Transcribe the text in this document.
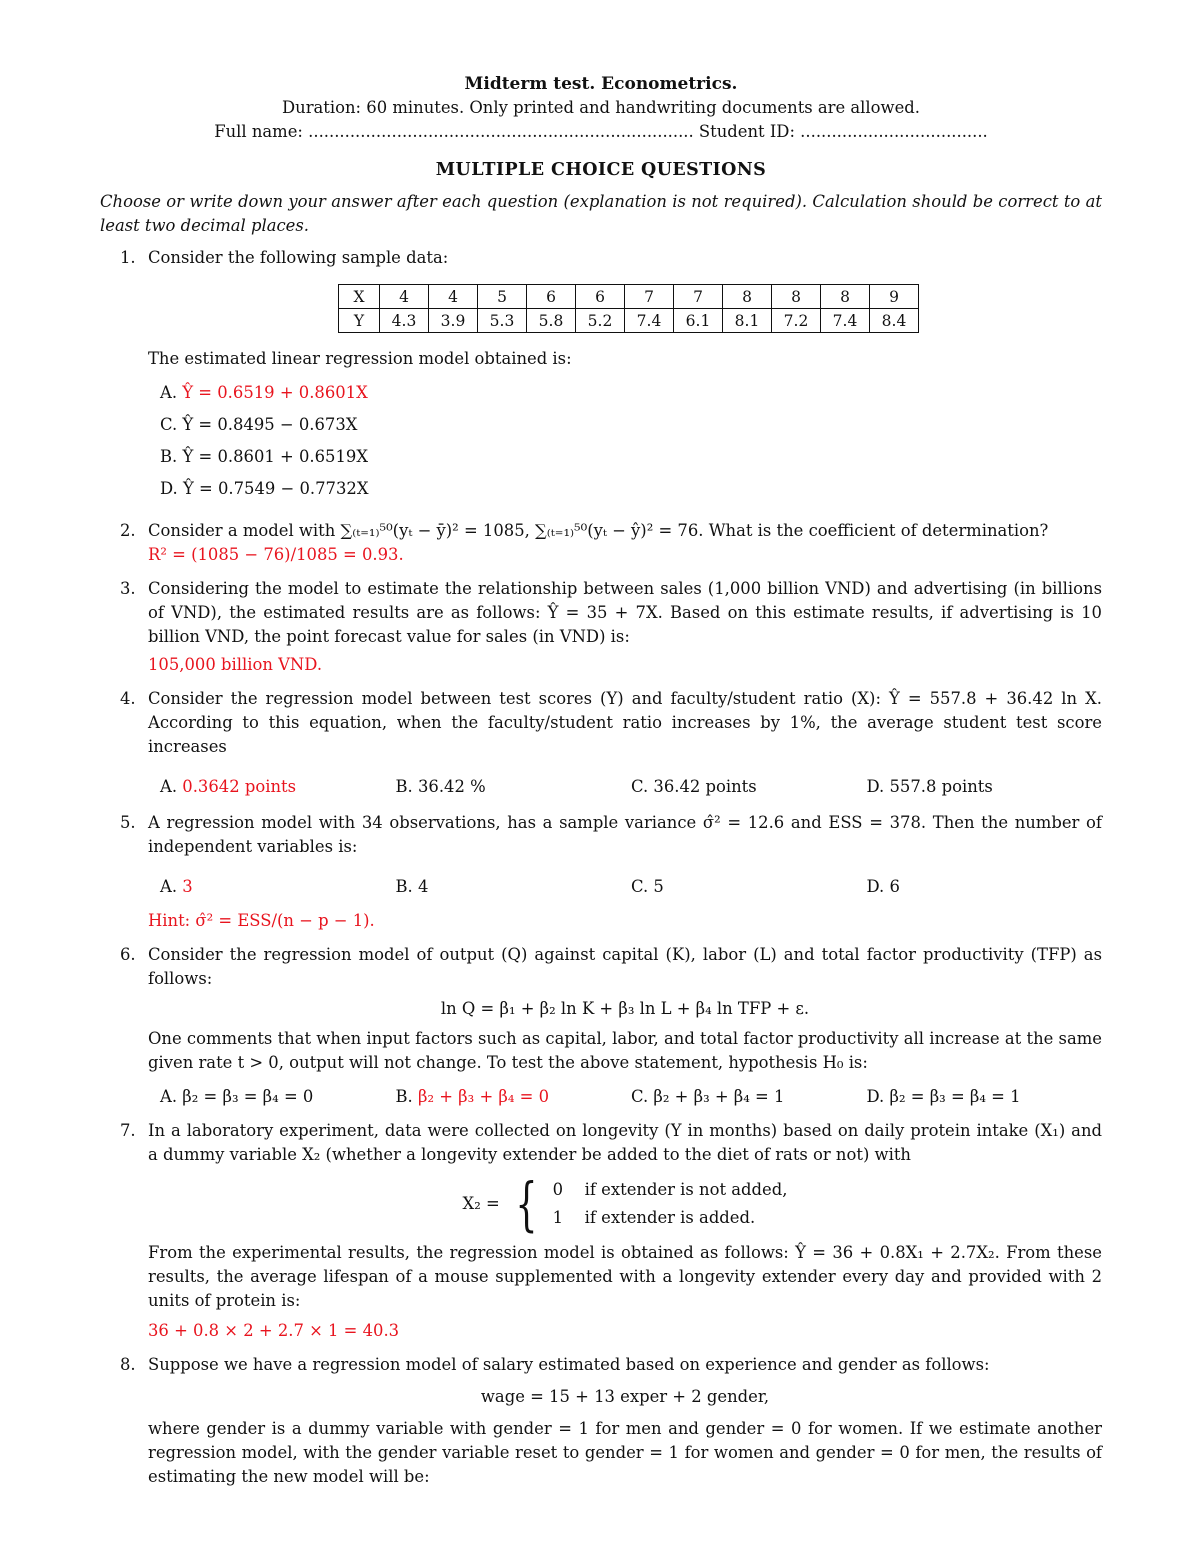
Midterm test. Econometrics.
Duration: 60 minutes. Only printed and handwriting documents are allowed.
Full name: .......................................................................... Student ID: ....................................
MULTIPLE CHOICE QUESTIONS
Choose or write down your answer after each question (explanation is not required). Calculation should be correct to at least two decimal places.
1. Consider the following sample data:
X	4	4	5	6	6	7	7	8	8	8	9
Y	4.3	3.9	5.3	5.8	5.2	7.4	6.1	8.1	7.2	7.4	8.4
The estimated linear regression model obtained is:
A. Ŷ = 0.6519 + 0.8601X
C. Ŷ = 0.8495 − 0.673X
B. Ŷ = 0.8601 + 0.6519X
D. Ŷ = 0.7549 − 0.7732X
2. Consider a model with ∑₍ₜ₌₁₎⁵⁰(yₜ − ȳ)² = 1085, ∑₍ₜ₌₁₎⁵⁰(yₜ − ŷ)² = 76. What is the coefficient of determination?
R² = (1085 − 76)/1085 = 0.93.
3. Considering the model to estimate the relationship between sales (1,000 billion VND) and advertising (in billions of VND), the estimated results are as follows: Ŷ = 35 + 7X. Based on this estimate results, if advertising is 10 billion VND, the point forecast value for sales (in VND) is:
105,000 billion VND.
4. Consider the regression model between test scores (Y) and faculty/student ratio (X): Ŷ = 557.8 + 36.42 ln X. According to this equation, when the faculty/student ratio increases by 1%, the average student test score increases
A. 0.3642 points	B. 36.42 %	C. 36.42 points	D. 557.8 points
5. A regression model with 34 observations, has a sample variance σ̂² = 12.6 and ESS = 378. Then the number of independent variables is:
A. 3	B. 4	C. 5	D. 6
Hint: σ̂² = ESS/(n − p − 1).
6. Consider the regression model of output (Q) against capital (K), labor (L) and total factor productivity (TFP) as follows:
ln Q = β₁ + β₂ ln K + β₃ ln L + β₄ ln TFP + ε.
One comments that when input factors such as capital, labor, and total factor productivity all increase at the same given rate t > 0, output will not change. To test the above statement, hypothesis H₀ is:
A. β₂ = β₃ = β₄ = 0	B. β₂ + β₃ + β₄ = 0	C. β₂ + β₃ + β₄ = 1	D. β₂ = β₃ = β₄ = 1
7. In a laboratory experiment, data were collected on longevity (Y in months) based on daily protein intake (X₁) and a dummy variable X₂ (whether a longevity extender be added to the diet of rats or not) with
X₂ = { 0 if extender is not added,
1 if extender is added.
From the experimental results, the regression model is obtained as follows: Ŷ = 36 + 0.8X₁ + 2.7X₂. From these results, the average lifespan of a mouse supplemented with a longevity extender every day and provided with 2 units of protein is:
36 + 0.8 × 2 + 2.7 × 1 = 40.3
8. Suppose we have a regression model of salary estimated based on experience and gender as follows:
wage = 15 + 13 exper + 2 gender,
where gender is a dummy variable with gender = 1 for men and gender = 0 for women. If we estimate another regression model, with the gender variable reset to gender = 1 for women and gender = 0 for men, the results of estimating the new model will be:
